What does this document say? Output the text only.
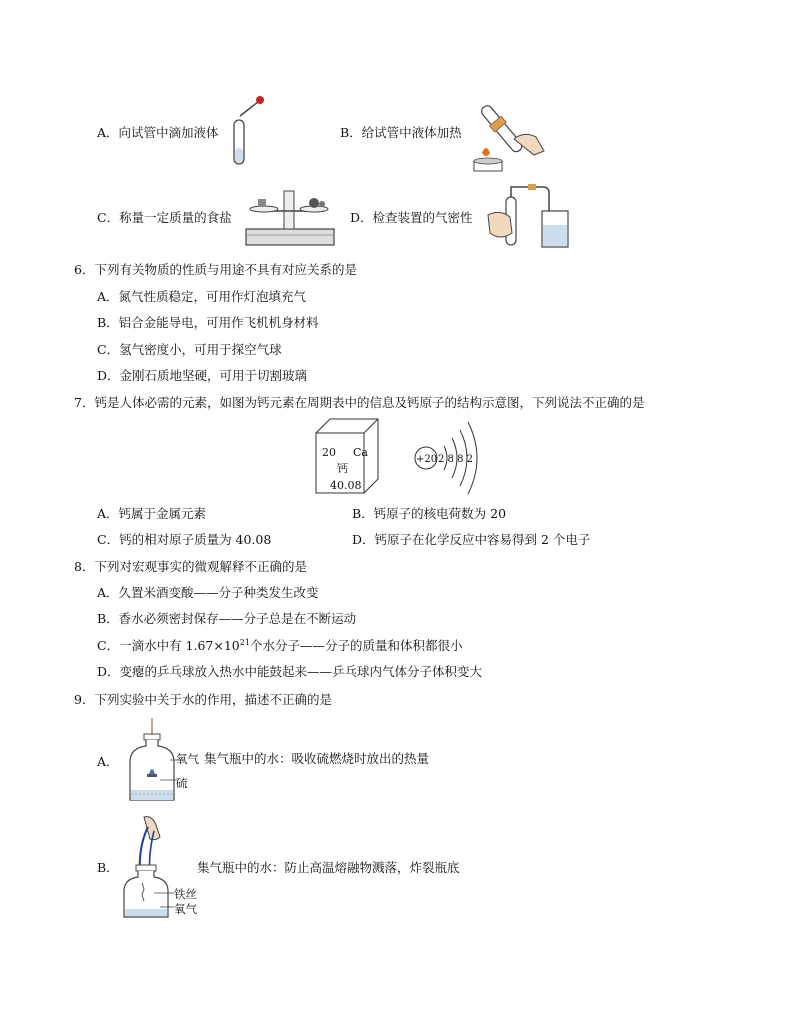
A．向试管中滴加液体	B．给试管中液体加热
C．称量一定质量的食盐	D．检查装置的气密性
6．下列有关物质的性质与用途不具有对应关系的是
A．氮气性质稳定，可用作灯泡填充气
B．铝合金能导电，可用作飞机机身材料
C．氢气密度小，可用于探空气球
D．金刚石质地坚硬，可用于切割玻璃
7．钙是人体必需的元素，如图为钙元素在周期表中的信息及钙原子的结构示意图，下列说法不正确的是
20 Ca
钙
40.08
+20 2 8 8 2
A．钙属于金属元素	B．钙原子的核电荷数为 20
C．钙的相对原子质量为 40.08	D．钙原子在化学反应中容易得到 2 个电子
8．下列对宏观事实的微观解释不正确的是
A．久置米酒变酸——分子种类发生改变
B．香水必须密封保存——分子总是在不断运动
C．一滴水中有 $1.67\times 10^{21}$个水分子——分子的质量和体积都很小
D．变瘪的乒乓球放入热水中能鼓起来——乒乓球内气体分子体积变大
9．下列实验中关于水的作用，描述不正确的是
A．	氧气
硫
集气瓶中的水：吸收硫燃烧时放出的热量
B．
铁丝
氧气
集气瓶中的水：防止高温熔融物溅落，炸裂瓶底
